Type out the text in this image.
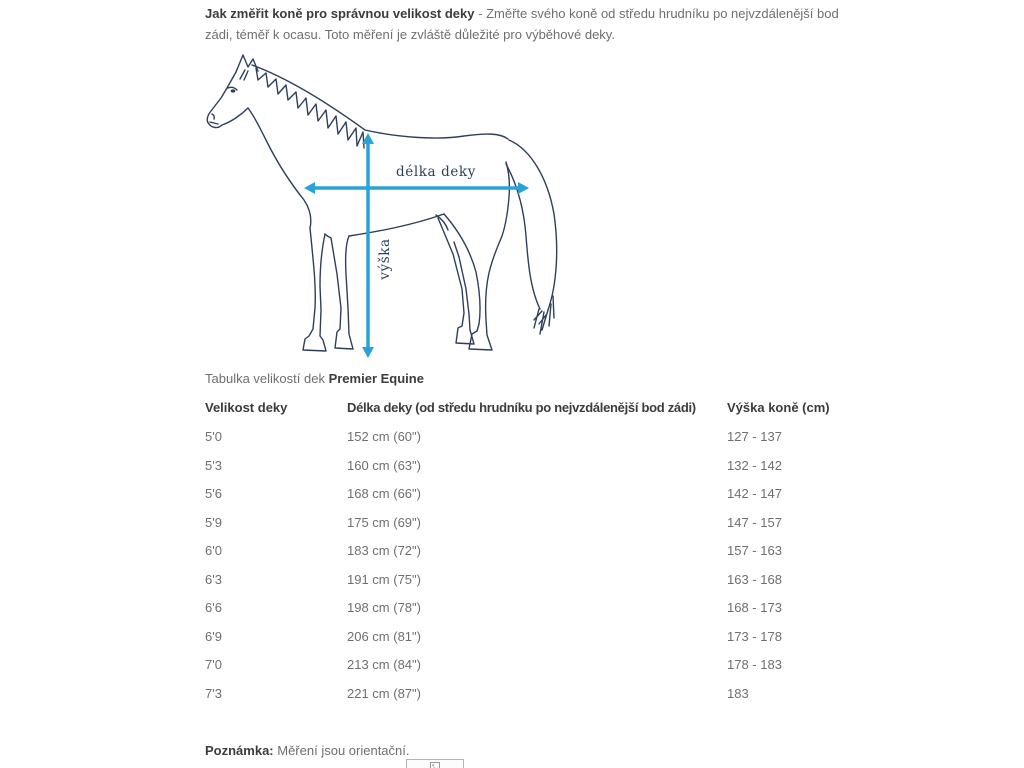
Jak změřit koně pro správnou velikost deky - Změřte svého koně od středu hrudníku po nejvzdálenější bod zádi, téměř k ocasu. Toto měření je zvláště důležité pro výběhové deky.

délka deky
výška

Tabulka velikostí dek Premier Equine

Velikost deky	Délka deky (od středu hrudníku po nejvzdálenější bod zádi)	Výška koně (cm)
5'0	152 cm (60")	127 - 137
5'3	160 cm (63")	132 - 142
5'6	168 cm (66")	142 - 147
5'9	175 cm (69")	147 - 157
6'0	183 cm (72")	157 - 163
6'3	191 cm (75")	163 - 168
6'6	198 cm (78")	168 - 173
6'9	206 cm (81")	173 - 178
7'0	213 cm (84")	178 - 183
7'3	221 cm (87")	183

Poznámka: Měření jsou orientační.
